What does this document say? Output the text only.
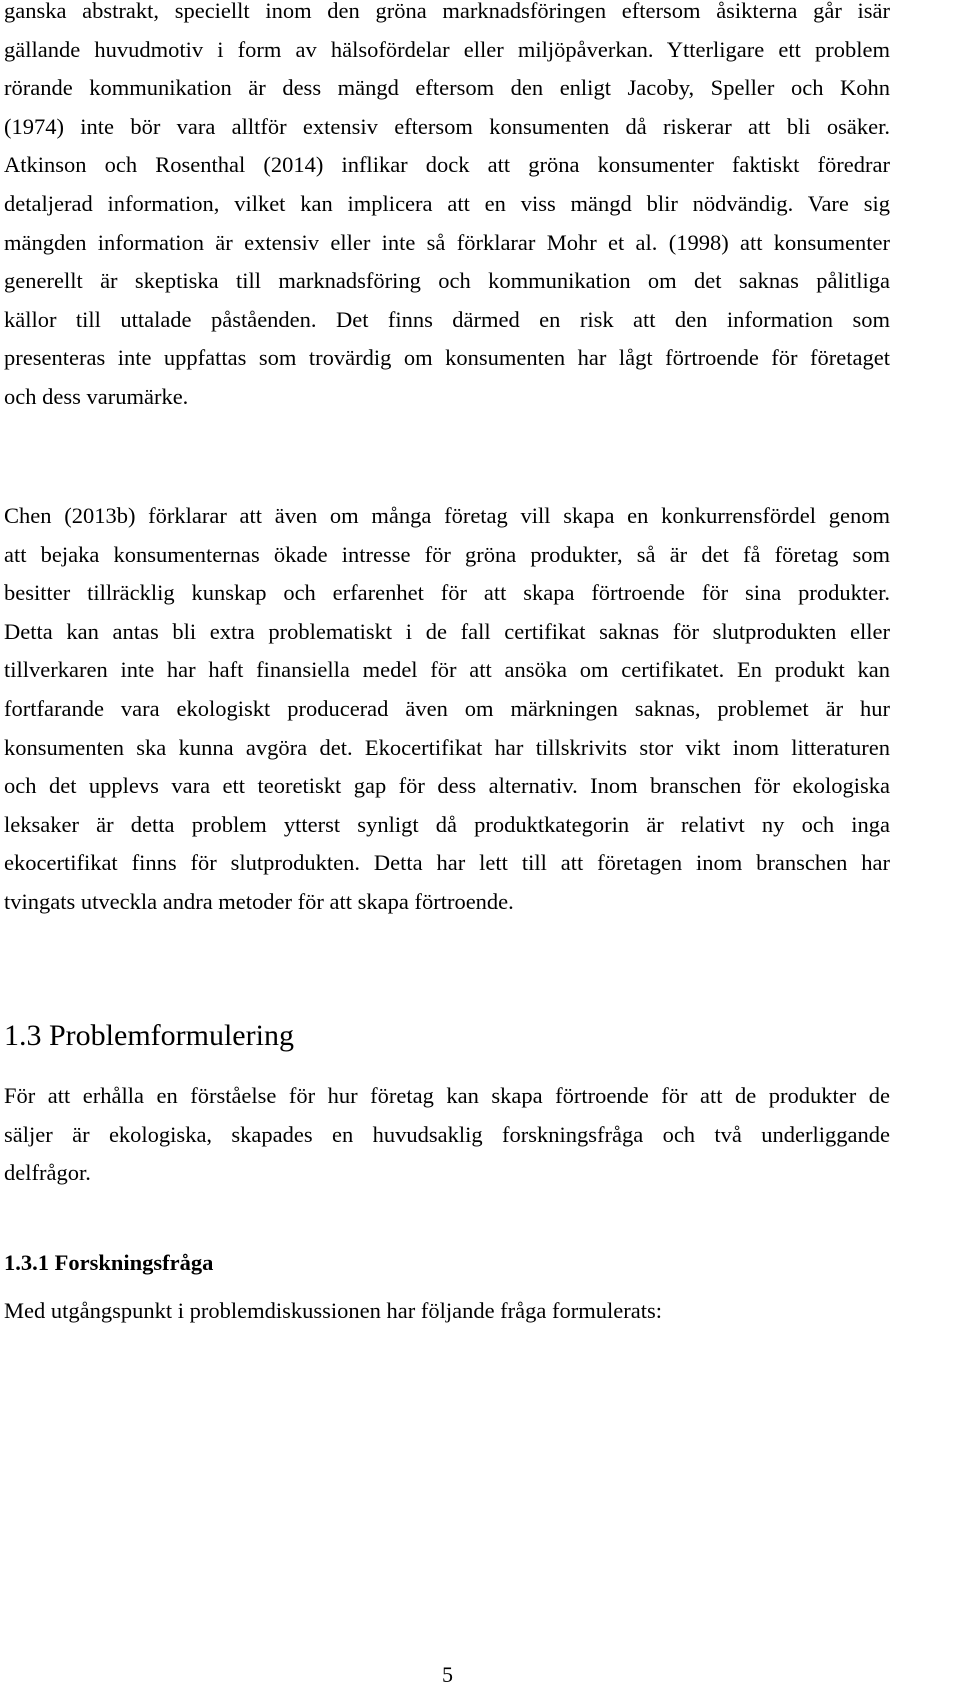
ganska abstrakt, speciellt inom den gröna marknadsföringen eftersom åsikterna går isär
gällande huvudmotiv i form av hälsofördelar eller miljöpåverkan. Ytterligare ett problem
rörande kommunikation är dess mängd eftersom den enligt Jacoby, Speller och Kohn
(1974) inte bör vara alltför extensiv eftersom konsumenten då riskerar att bli osäker.
Atkinson och Rosenthal (2014) inflikar dock att gröna konsumenter faktiskt föredrar
detaljerad information, vilket kan implicera att en viss mängd blir nödvändig. Vare sig
mängden information är extensiv eller inte så förklarar Mohr et al. (1998) att konsumenter
generellt är skeptiska till marknadsföring och kommunikation om det saknas pålitliga
källor till uttalade påståenden. Det finns därmed en risk att den information som
presenteras inte uppfattas som trovärdig om konsumenten har lågt förtroende för företaget
och dess varumärke.

Chen (2013b) förklarar att även om många företag vill skapa en konkurrensfördel genom
att bejaka konsumenternas ökade intresse för gröna produkter, så är det få företag som
besitter tillräcklig kunskap och erfarenhet för att skapa förtroende för sina produkter.
Detta kan antas bli extra problematiskt i de fall certifikat saknas för slutprodukten eller
tillverkaren inte har haft finansiella medel för att ansöka om certifikatet. En produkt kan
fortfarande vara ekologiskt producerad även om märkningen saknas, problemet är hur
konsumenten ska kunna avgöra det. Ekocertifikat har tillskrivits stor vikt inom litteraturen
och det upplevs vara ett teoretiskt gap för dess alternativ. Inom branschen för ekologiska
leksaker är detta problem ytterst synligt då produktkategorin är relativt ny och inga
ekocertifikat finns för slutprodukten. Detta har lett till att företagen inom branschen har
tvingats utveckla andra metoder för att skapa förtroende.

1.3 Problemformulering

För att erhålla en förståelse för hur företag kan skapa förtroende för att de produkter de
säljer är ekologiska, skapades en huvudsaklig forskningsfråga och två underliggande
delfrågor.

1.3.1 Forskningsfråga

Med utgångspunkt i problemdiskussionen har följande fråga formulerats:

5
